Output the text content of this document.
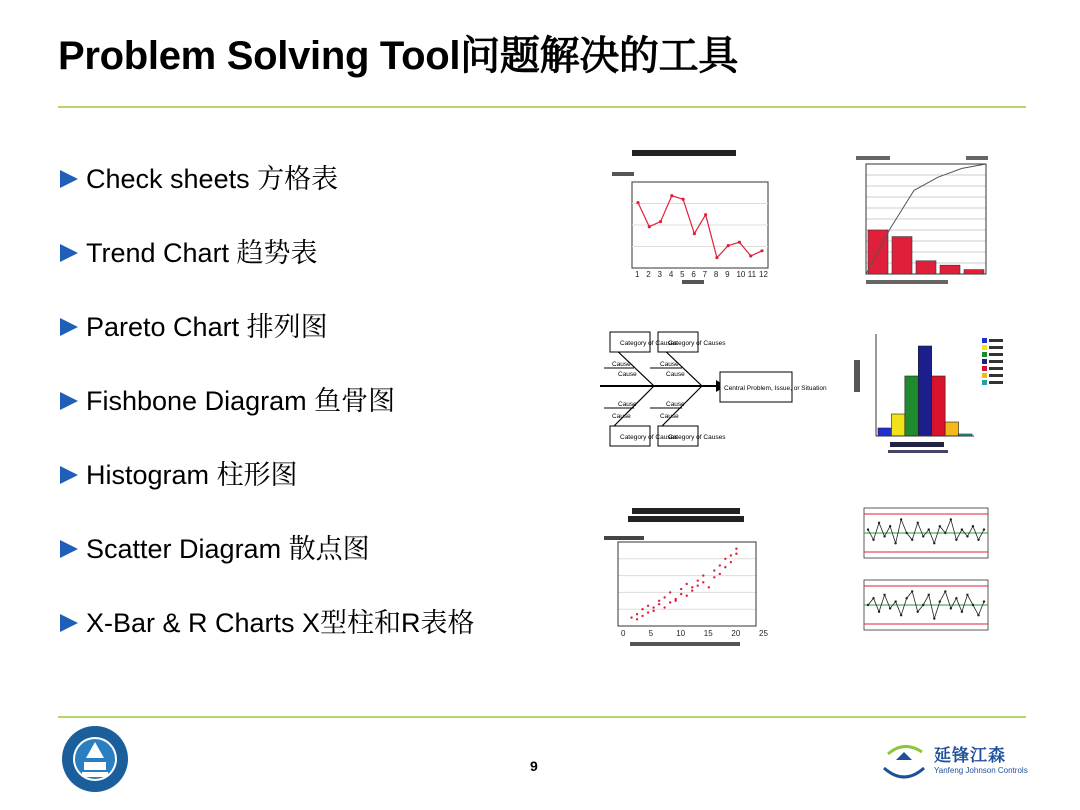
Problem Solving Tool问题解决的工具
Check sheets 方格表
Trend Chart 趋势表
Pareto Chart 排列图
Fishbone Diagram 鱼骨图
Histogram 柱形图
Scatter Diagram 散点图
X-Bar & R Charts X型柱和R表格
1 2 3 4 5 6 7 8 9 10 11 12
Category of Causes
Category of Causes
Category of Causes
Category of Causes
Cause	Cause
Cause	Cause
Cause	Cause
Cause	Cause
Central Problem, Issue, or Situation
0	5	10 15 20 25
9
延锋江森
Yanfeng Johnson Controls
